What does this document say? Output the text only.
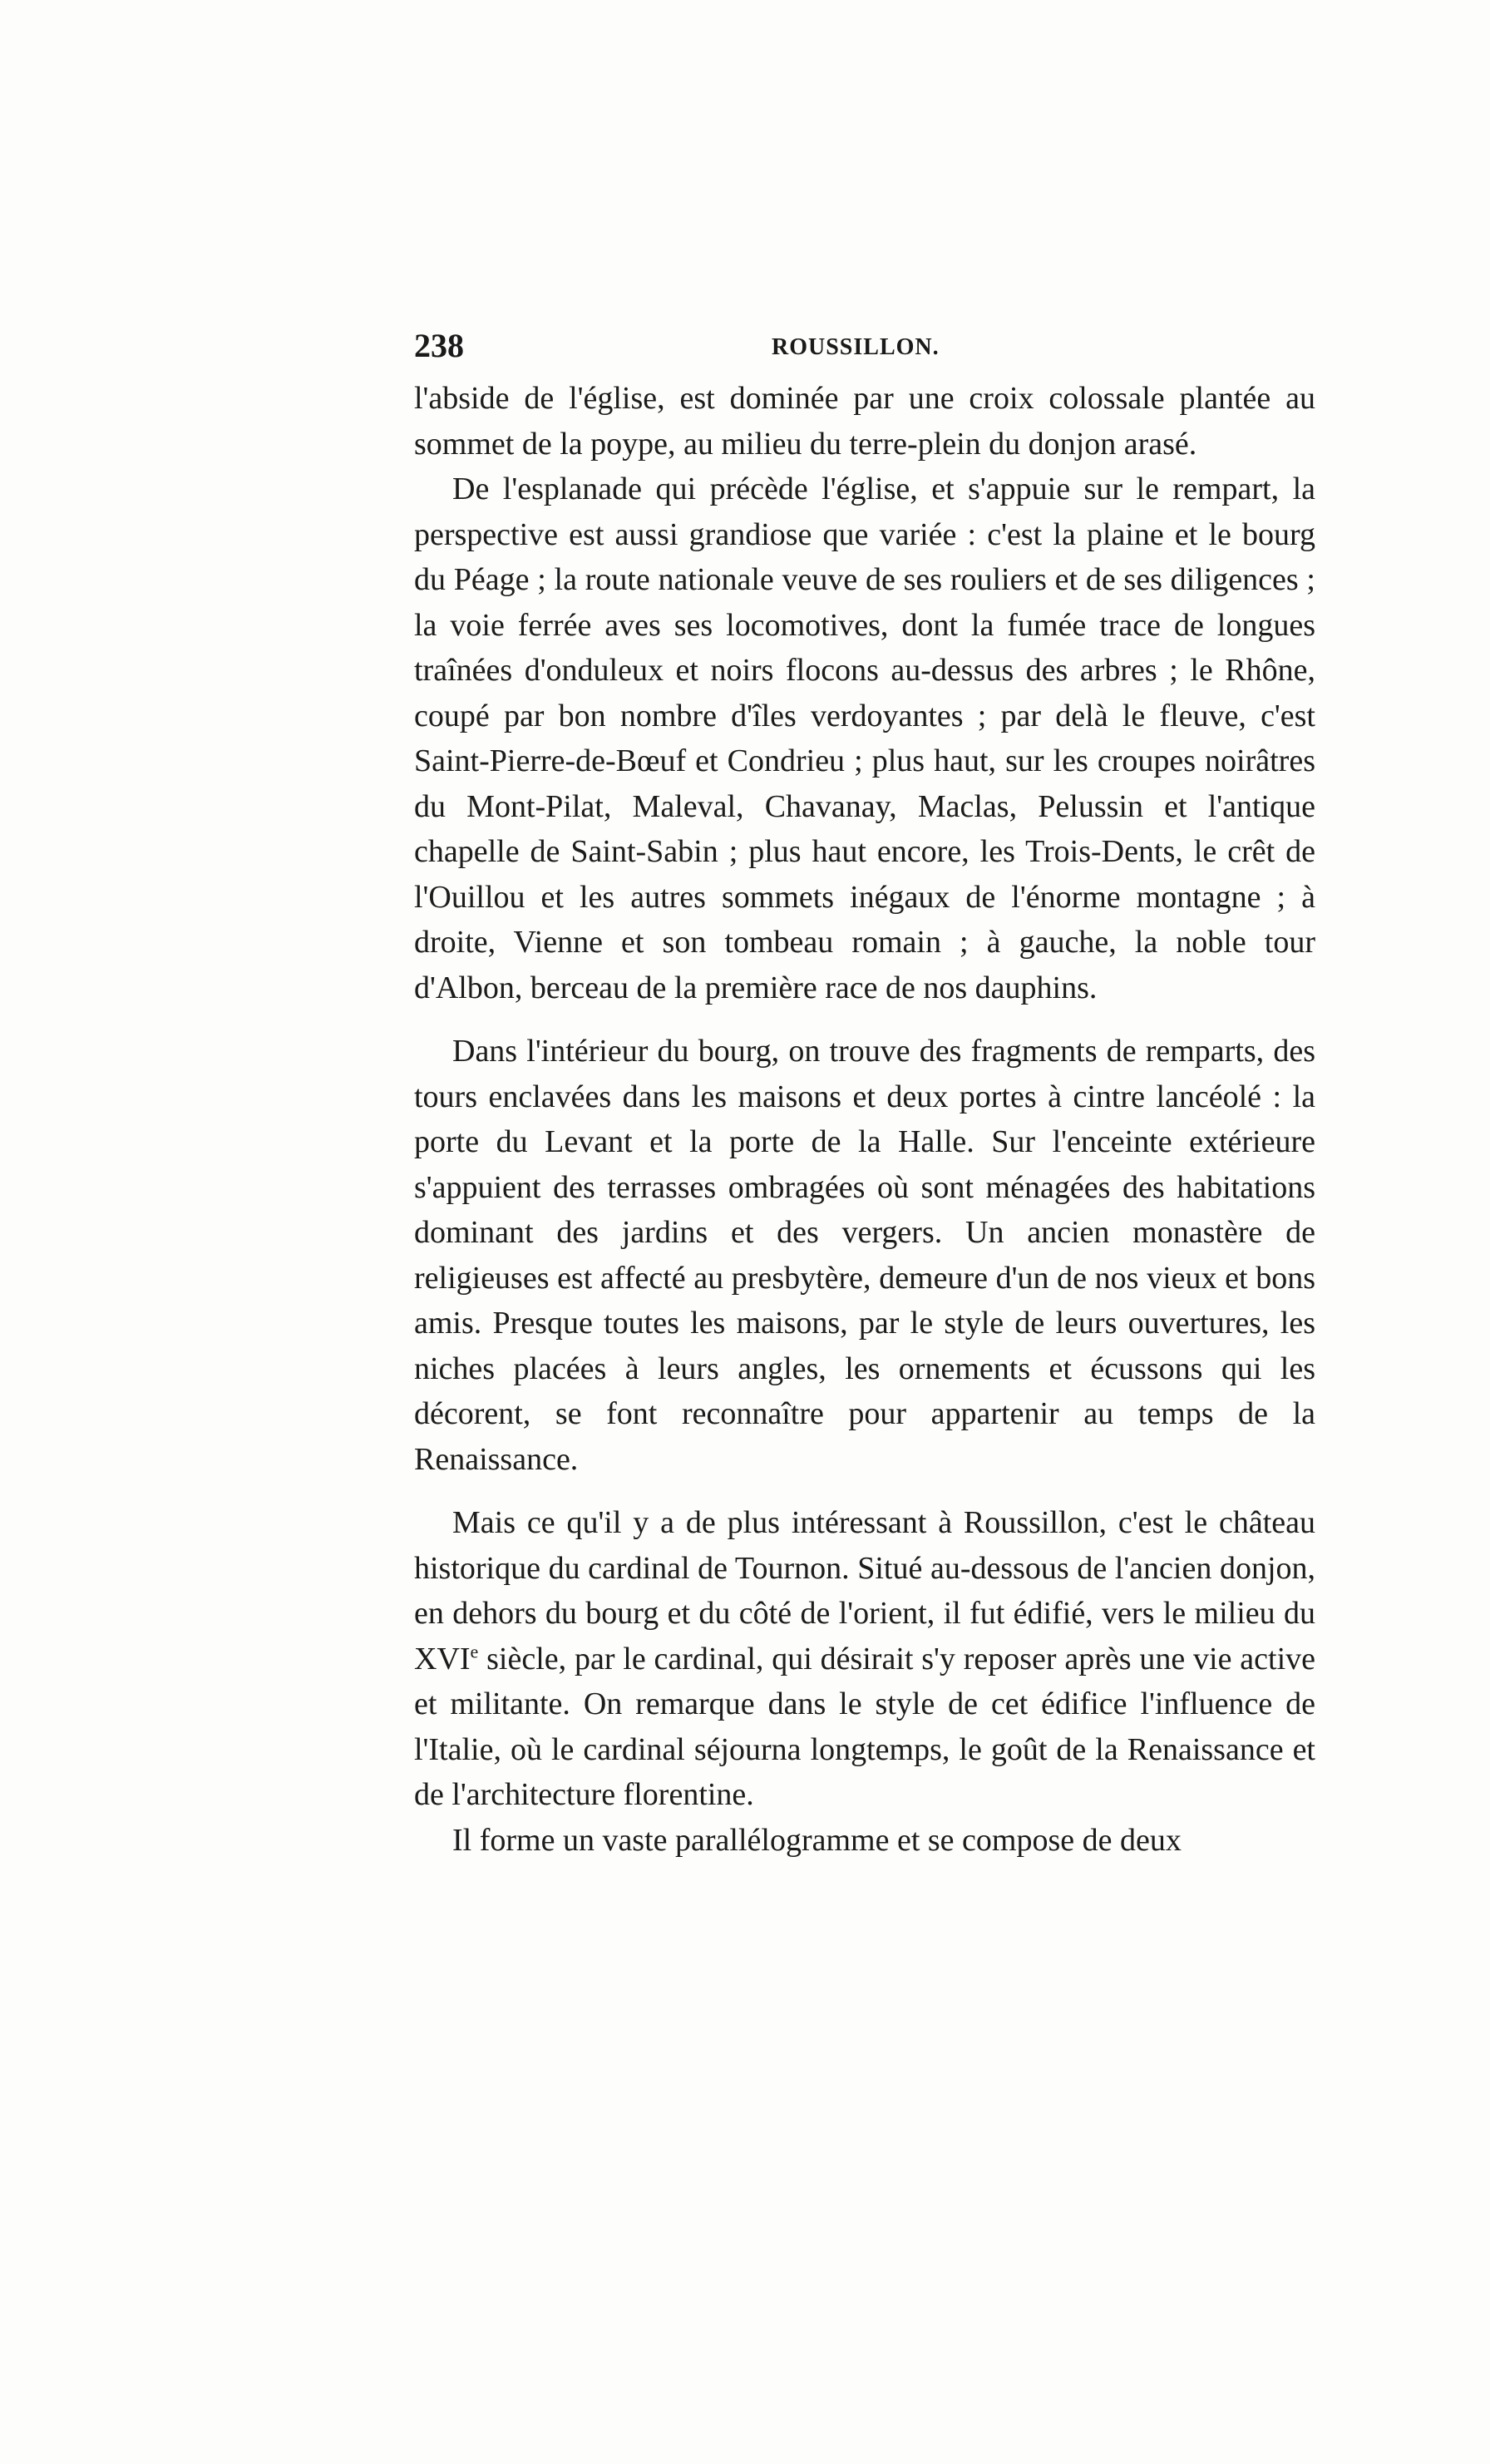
238	ROUSSILLON.

l'abside de l'église, est dominée par une croix colossale plantée au sommet de la poype, au milieu du terre-plein du donjon arasé.

De l'esplanade qui précède l'église, et s'appuie sur le rempart, la perspective est aussi grandiose que variée : c'est la plaine et le bourg du Péage ; la route nationale veuve de ses rouliers et de ses diligences ; la voie ferrée aves ses locomotives, dont la fumée trace de longues traînées d'onduleux et noirs flocons au-dessus des arbres ; le Rhône, coupé par bon nombre d'îles verdoyantes ; par delà le fleuve, c'est Saint-Pierre-de-Bœuf et Condrieu ; plus haut, sur les croupes noirâtres du Mont-Pilat, Maleval, Chavanay, Maclas, Pelussin et l'antique chapelle de Saint-Sabin ; plus haut encore, les Trois-Dents, le crêt de l'Ouillou et les autres sommets inégaux de l'énorme montagne ; à droite, Vienne et son tombeau romain ; à gauche, la noble tour d'Albon, berceau de la première race de nos dauphins.

Dans l'intérieur du bourg, on trouve des fragments de remparts, des tours enclavées dans les maisons et deux portes à cintre lancéolé : la porte du Levant et la porte de la Halle. Sur l'enceinte extérieure s'appuient des terrasses ombragées où sont ménagées des habitations dominant des jardins et des vergers. Un ancien monastère de religieuses est affecté au presbytère, demeure d'un de nos vieux et bons amis. Presque toutes les maisons, par le style de leurs ouvertures, les niches placées à leurs angles, les ornements et écussons qui les décorent, se font reconnaître pour appartenir au temps de la Renaissance.

Mais ce qu'il y a de plus intéressant à Roussillon, c'est le château historique du cardinal de Tournon. Situé au-dessous de l'ancien donjon, en dehors du bourg et du côté de l'orient, il fut édifié, vers le milieu du XVIe siècle, par le cardinal, qui désirait s'y reposer après une vie active et militante. On remarque dans le style de cet édifice l'influence de l'Italie, où le cardinal séjourna longtemps, le goût de la Renaissance et de l'architecture florentine.

Il forme un vaste parallélogramme et se compose de deux
